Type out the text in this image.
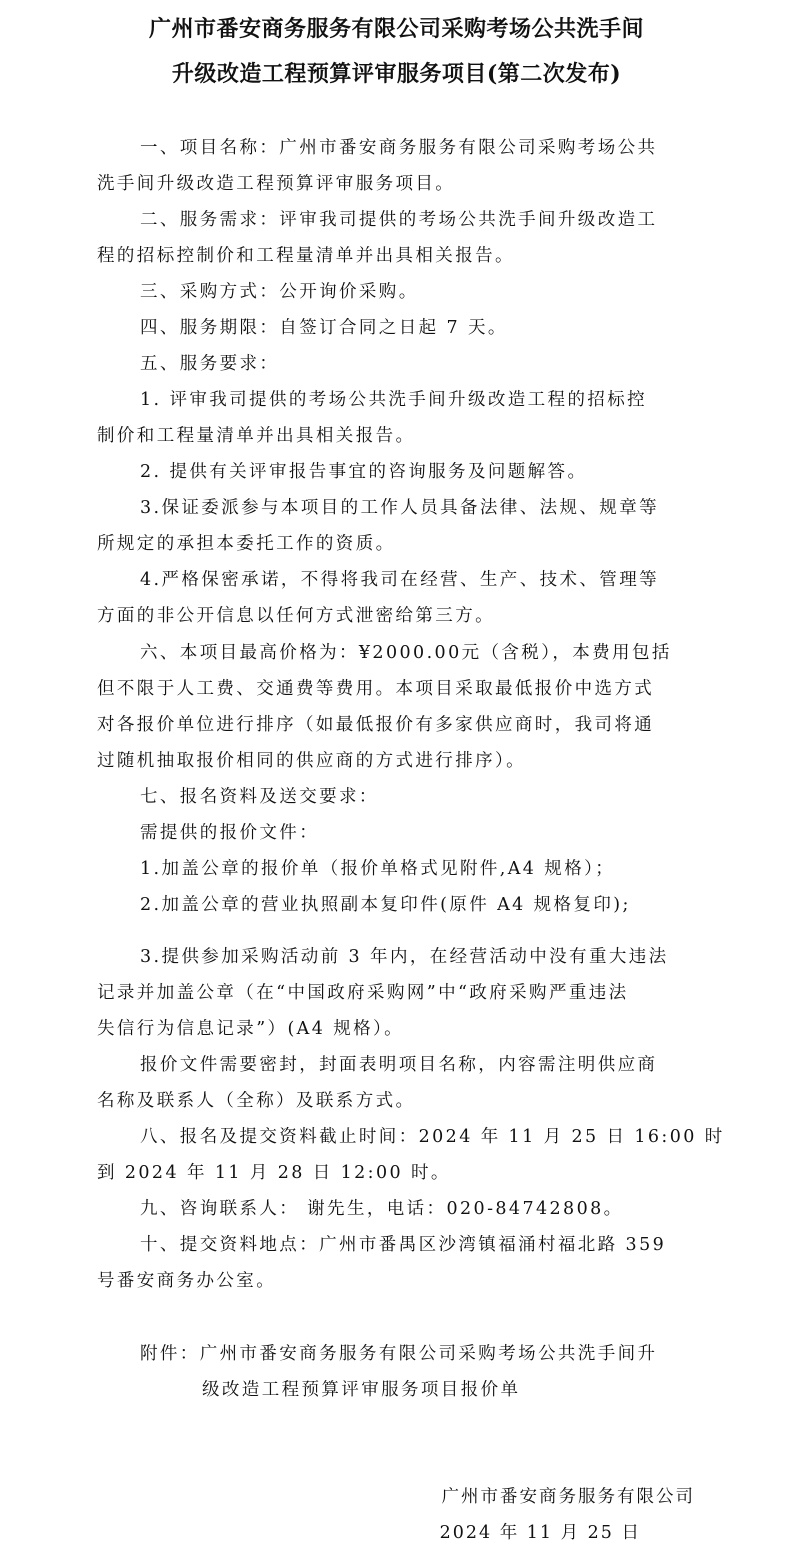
广州市番安商务服务有限公司采购考场公共洗手间
升级改造工程预算评审服务项目(第二次发布)

一、项目名称：广州市番安商务服务有限公司采购考场公共

洗手间升级改造工程预算评审服务项目。

二、服务需求：评审我司提供的考场公共洗手间升级改造工

程的招标控制价和工程量清单并出具相关报告。

三、采购方式：公开询价采购。

四、服务期限：自签订合同之日起 7 天。

五、服务要求：

1. 评审我司提供的考场公共洗手间升级改造工程的招标控

制价和工程量清单并出具相关报告。

2. 提供有关评审报告事宜的咨询服务及问题解答。

3.保证委派参与本项目的工作人员具备法律、法规、规章等

所规定的承担本委托工作的资质。

4.严格保密承诺，不得将我司在经营、生产、技术、管理等

方面的非公开信息以任何方式泄密给第三方。

六、本项目最高价格为：¥2000.00元（含税），本费用包括

但不限于人工费、交通费等费用。本项目采取最低报价中选方式

对各报价单位进行排序（如最低报价有多家供应商时，我司将通

过随机抽取报价相同的供应商的方式进行排序）。

七、报名资料及送交要求：

需提供的报价文件：

1.加盖公章的报价单（报价单格式见附件,A4 规格）；

2.加盖公章的营业执照副本复印件(原件 A4 规格复印);

3.提供参加采购活动前 3 年内，在经营活动中没有重大违法

记录并加盖公章（在“中国政府采购网”中“政府采购严重违法

失信行为信息记录”）(A4 规格）。

报价文件需要密封，封面表明项目名称，内容需注明供应商

名称及联系人（全称）及联系方式。

八、报名及提交资料截止时间：2024 年 11 月 25 日 16:00 时

到 2024 年 11 月 28 日 12:00 时。

九、咨询联系人： 谢先生，电话：020-84742808。

十、提交资料地点：广州市番禺区沙湾镇福涌村福北路 359

号番安商务办公室。

附件：广州市番安商务服务有限公司采购考场公共洗手间升

级改造工程预算评审服务项目报价单

广州市番安商务服务有限公司

2024 年 11 月 25 日
